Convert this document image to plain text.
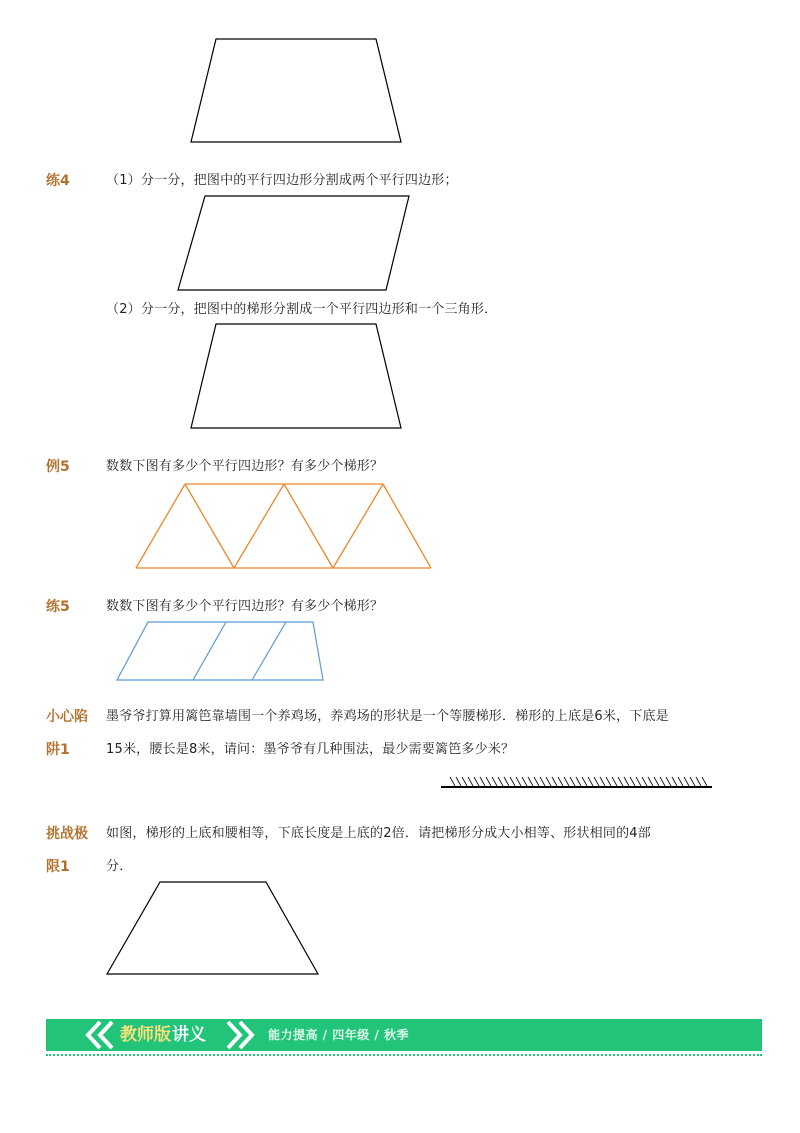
练4	（1）分一分，把图中的平行四边形分割成两个平行四边形；
（2）分一分，把图中的梯形分割成一个平行四边形和一个三角形．
例5	数数下图有多少个平行四边形？有多少个梯形？
练5	数数下图有多少个平行四边形？有多少个梯形？
小心陷
阱1
墨爷爷打算用篱笆靠墙围一个养鸡场，养鸡场的形状是一个等腰梯形．梯形的上底是6米，下底是
15米，腰长是8米，请问：墨爷爷有几种围法，最少需要篱笆多少米？
挑战极
限1
如图，梯形的上底和腰相等，下底长度是上底的2倍．请把梯形分成大小相等、形状相同的4部
分．
教师版 讲义	能力提高 / 四年级 / 秋季
